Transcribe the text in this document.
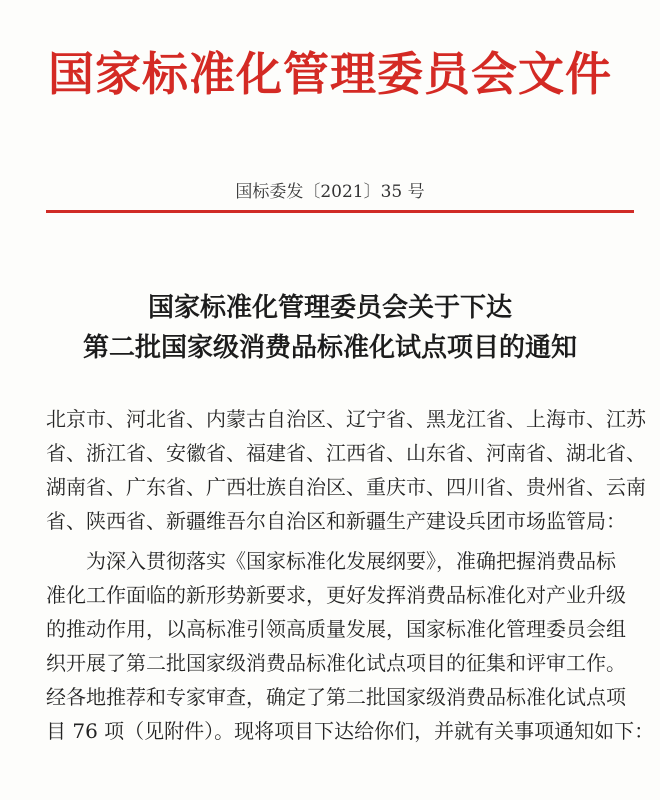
国家标准化管理委员会文件
国标委发〔2021〕35 号
国家标准化管理委员会关于下达
第二批国家级消费品标准化试点项目的通知
北京市、河北省、内蒙古自治区、辽宁省、黑龙江省、上海市、江苏
省、浙江省、安徽省、福建省、江西省、山东省、河南省、湖北省、
湖南省、广东省、广西壮族自治区、重庆市、四川省、贵州省、云南
省、陕西省、新疆维吾尔自治区和新疆生产建设兵团市场监管局：
　　为深入贯彻落实《国家标准化发展纲要》，准确把握消费品标
准化工作面临的新形势新要求，更好发挥消费品标准化对产业升级
的推动作用，以高标准引领高质量发展，国家标准化管理委员会组
织开展了第二批国家级消费品标准化试点项目的征集和评审工作。
经各地推荐和专家审查，确定了第二批国家级消费品标准化试点项
目 76 项（见附件）。现将项目下达给你们，并就有关事项通知如下：
